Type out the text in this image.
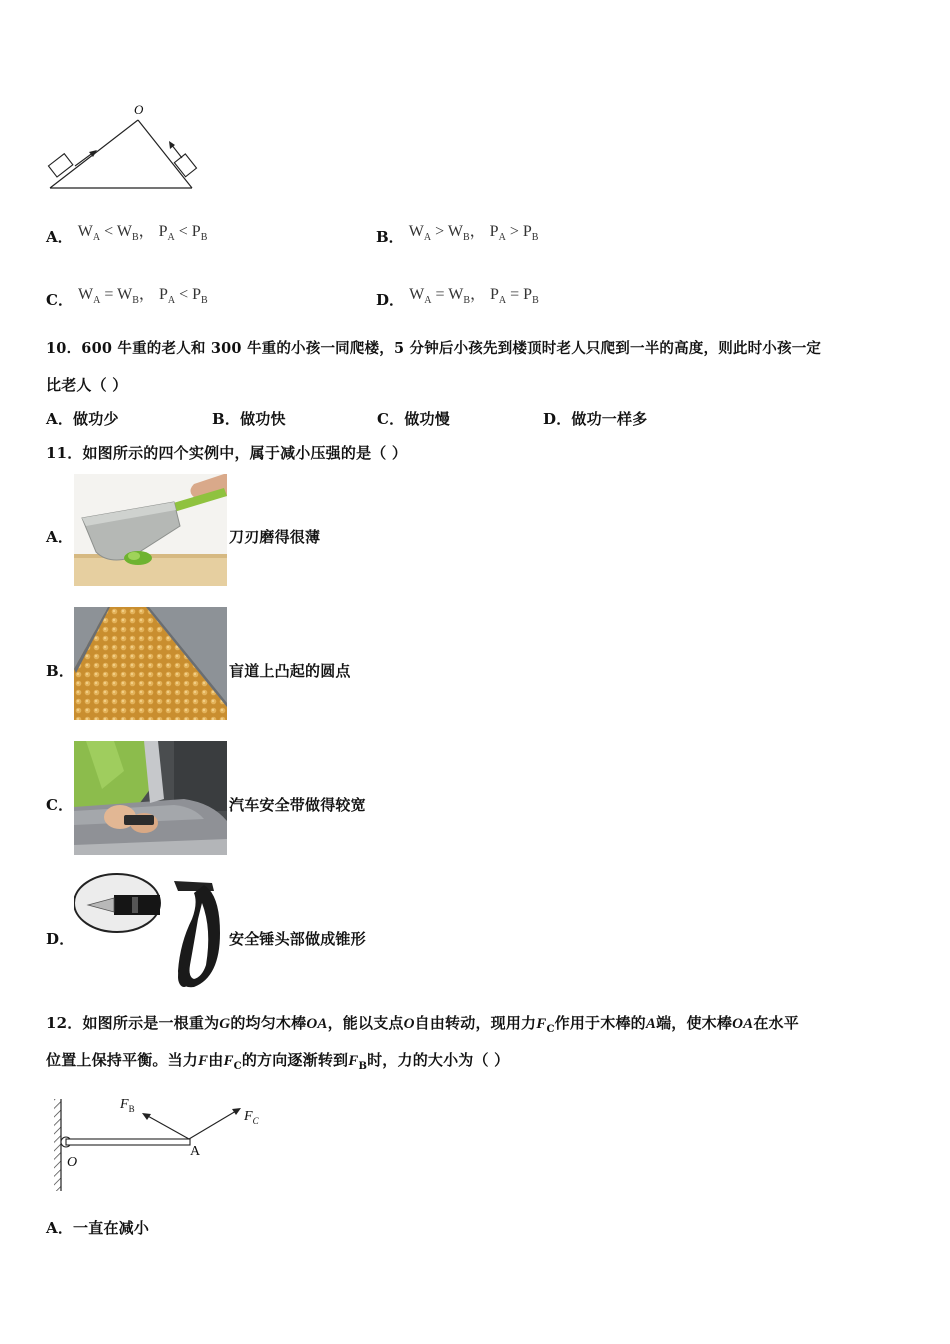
O
A． $W_A < W_B$， $P_A < P_B$	B． $W_A > W_B$， $P_A > P_B$
C． $W_A = W_B$， $P_A < P_B$	D． $W_A = W_B$， $P_A = P_B$
10．600 牛重的老人和 300 牛重的小孩一同爬楼，5 分钟后小孩先到楼顶时老人只爬到一半的高度，则此时小孩一定
比老人（ ）
A．做功少	B．做功快	C．做功慢	D．做功一样多
11．如图所示的四个实例中，属于减小压强的是（ ）
A．	刀刃磨得很薄
B．	盲道上凸起的圆点
C．	汽车安全带做得较宽
D．	安全锤头部做成锥形
12．如图所示是一根重为G的均匀木棒OA，能以支点O自由转动，现用力$F_C$作用于木棒的A端，使木棒OA在水平
位置上保持平衡。当力F由$F_C$的方向逐渐转到$F_B$时，力的大小为（ ）
$F_B$
$F_C$
O
A
A．一直在减小
